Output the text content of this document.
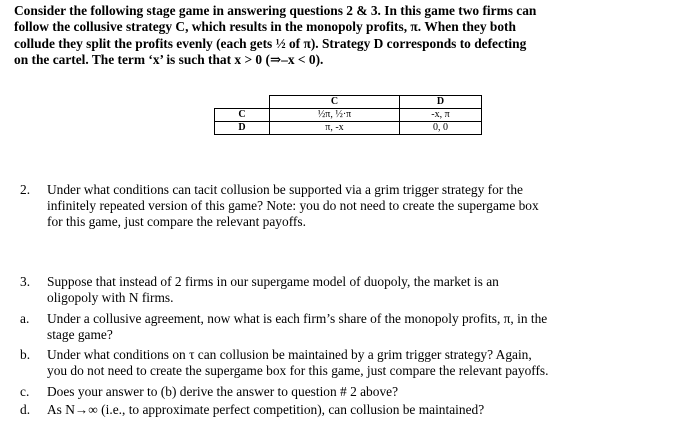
Consider the following stage game in answering questions 2 & 3. In this game two firms can

follow the collusive strategy C, which results in the monopoly profits, π. When they both

collude they split the profits evenly (each gets ½ of π). Strategy D corresponds to defecting

on the cartel. The term ‘x’ is such that x > 0 (⇒–x < 0).

	C	D
C	½π, ½·π	-x, π
D	π, -x	0, 0
2. Under what conditions can tacit collusion be supported via a grim trigger strategy for the
infinitely repeated version of this game? Note: you do not need to create the supergame box
for this game, just compare the relevant payoffs.
3. Suppose that instead of 2 firms in our supergame model of duopoly, the market is an
oligopoly with N firms.
a. Under a collusive agreement, now what is each firm’s share of the monopoly profits, π, in the
stage game?
b. Under what conditions on τ can collusion be maintained by a grim trigger strategy? Again,
you do not need to create the supergame box for this game, just compare the relevant payoffs.
c. Does your answer to (b) derive the answer to question # 2 above?
d. As N→∞ (i.e., to approximate perfect competition), can collusion be maintained?
